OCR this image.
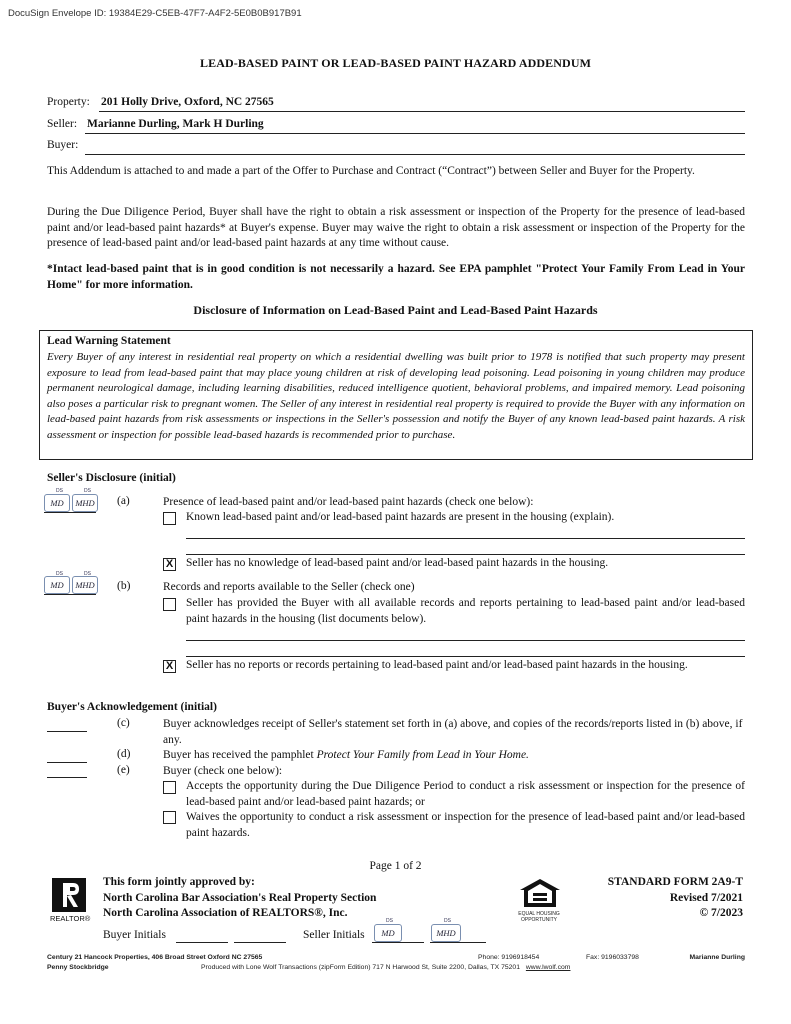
DocuSign Envelope ID: 19384E29-C5EB-47F7-A4F2-5E0B0B917B91
LEAD-BASED PAINT OR LEAD-BASED PAINT HAZARD ADDENDUM
Property: 201 Holly Drive, Oxford, NC 27565
Seller: Marianne Durling, Mark H Durling
Buyer:
This Addendum is attached to and made a part of the Offer to Purchase and Contract (“Contract”) between Seller and Buyer for the Property.
During the Due Diligence Period, Buyer shall have the right to obtain a risk assessment or inspection of the Property for the presence of lead-based paint and/or lead-based paint hazards* at Buyer's expense. Buyer may waive the right to obtain a risk assessment or inspection of the Property for the presence of lead-based paint and/or lead-based paint hazards at any time without cause.
*Intact lead-based paint that is in good condition is not necessarily a hazard. See EPA pamphlet "Protect Your Family From Lead in Your Home" for more information.
Disclosure of Information on Lead-Based Paint and Lead-Based Paint Hazards
Lead Warning Statement
Every Buyer of any interest in residential real property on which a residential dwelling was built prior to 1978 is notified that such property may present exposure to lead from lead-based paint that may place young children at risk of developing lead poisoning. Lead poisoning in young children may produce permanent neurological damage, including learning disabilities, reduced intelligence quotient, behavioral problems, and impaired memory. Lead poisoning also poses a particular risk to pregnant women. The Seller of any interest in residential real property is required to provide the Buyer with any information on lead-based paint hazards from risk assessments or inspections in the Seller's possession and notify the Buyer of any known lead-based paint hazards. A risk assessment or inspection for possible lead-based hazards is recommended prior to purchase.
Seller's Disclosure (initial)
DS	DS
MD	MHD (a)	Presence of lead-based paint and/or lead-based paint hazards (check one below):
Known lead-based paint and/or lead-based paint hazards are present in the housing (explain).
X Seller has no knowledge of lead-based paint and/or lead-based paint hazards in the housing.
DS	DS
MD	MHD (b)	Records and reports available to the Seller (check one)
Seller has provided the Buyer with all available records and reports pertaining to lead-based paint and/or lead-based paint hazards in the housing (list documents below).
X Seller has no reports or records pertaining to lead-based paint and/or lead-based paint hazards in the housing.
Buyer's Acknowledgement (initial)
(c)	Buyer acknowledges receipt of Seller's statement set forth in (a) above, and copies of the records/reports listed in (b) above, if any.
(d)	Buyer has received the pamphlet Protect Your Family from Lead in Your Home.
(e)	Buyer (check one below):
Accepts the opportunity during the Due Diligence Period to conduct a risk assessment or inspection for the presence of lead-based paint and/or lead-based paint hazards; or
Waives the opportunity to conduct a risk assessment or inspection for the presence of lead-based paint and/or lead-based paint hazards.
Page 1 of 2
REALTOR®
This form jointly approved by:
North Carolina Bar Association's Real Property Section
North Carolina Association of REALTORS®, Inc.	EQUAL HOUSING OPPORTUNITY
STANDARD FORM 2A9-T
Revised 7/2021
© 7/2023
Buyer Initials	Seller Initials
DS	DS
MD	MHD
Century 21 Hancock Properties, 406 Broad Street Oxford NC 27565	Phone: 9196918454	Fax: 9196033798	Marianne Durling
Penny Stockbridge	Produced with Lone Wolf Transactions (zipForm Edition) 717 N Harwood St, Suite 2200, Dallas, TX 75201 www.lwolf.com
